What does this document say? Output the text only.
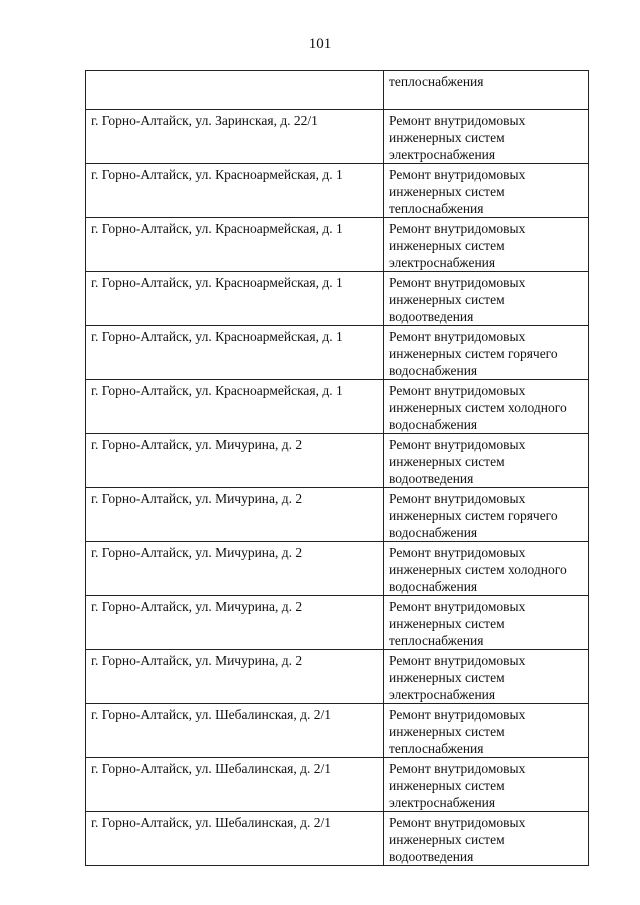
101
	теплоснабжения
г. Горно-Алтайск, ул. Заринская, д. 22/1	Ремонт внутридомовых инженерных систем электроснабжения
г. Горно-Алтайск, ул. Красноармейская, д. 1	Ремонт внутридомовых инженерных систем теплоснабжения
г. Горно-Алтайск, ул. Красноармейская, д. 1	Ремонт внутридомовых инженерных систем электроснабжения
г. Горно-Алтайск, ул. Красноармейская, д. 1	Ремонт внутридомовых инженерных систем водоотведения
г. Горно-Алтайск, ул. Красноармейская, д. 1	Ремонт внутридомовых инженерных систем горячего водоснабжения
г. Горно-Алтайск, ул. Красноармейская, д. 1	Ремонт внутридомовых инженерных систем холодного водоснабжения
г. Горно-Алтайск, ул. Мичурина, д. 2	Ремонт внутридомовых инженерных систем водоотведения
г. Горно-Алтайск, ул. Мичурина, д. 2	Ремонт внутридомовых инженерных систем горячего водоснабжения
г. Горно-Алтайск, ул. Мичурина, д. 2	Ремонт внутридомовых инженерных систем холодного водоснабжения
г. Горно-Алтайск, ул. Мичурина, д. 2	Ремонт внутридомовых инженерных систем теплоснабжения
г. Горно-Алтайск, ул. Мичурина, д. 2	Ремонт внутридомовых инженерных систем электроснабжения
г. Горно-Алтайск, ул. Шебалинская, д. 2/1	Ремонт внутридомовых инженерных систем теплоснабжения
г. Горно-Алтайск, ул. Шебалинская, д. 2/1	Ремонт внутридомовых инженерных систем электроснабжения
г. Горно-Алтайск, ул. Шебалинская, д. 2/1	Ремонт внутридомовых инженерных систем водоотведения
